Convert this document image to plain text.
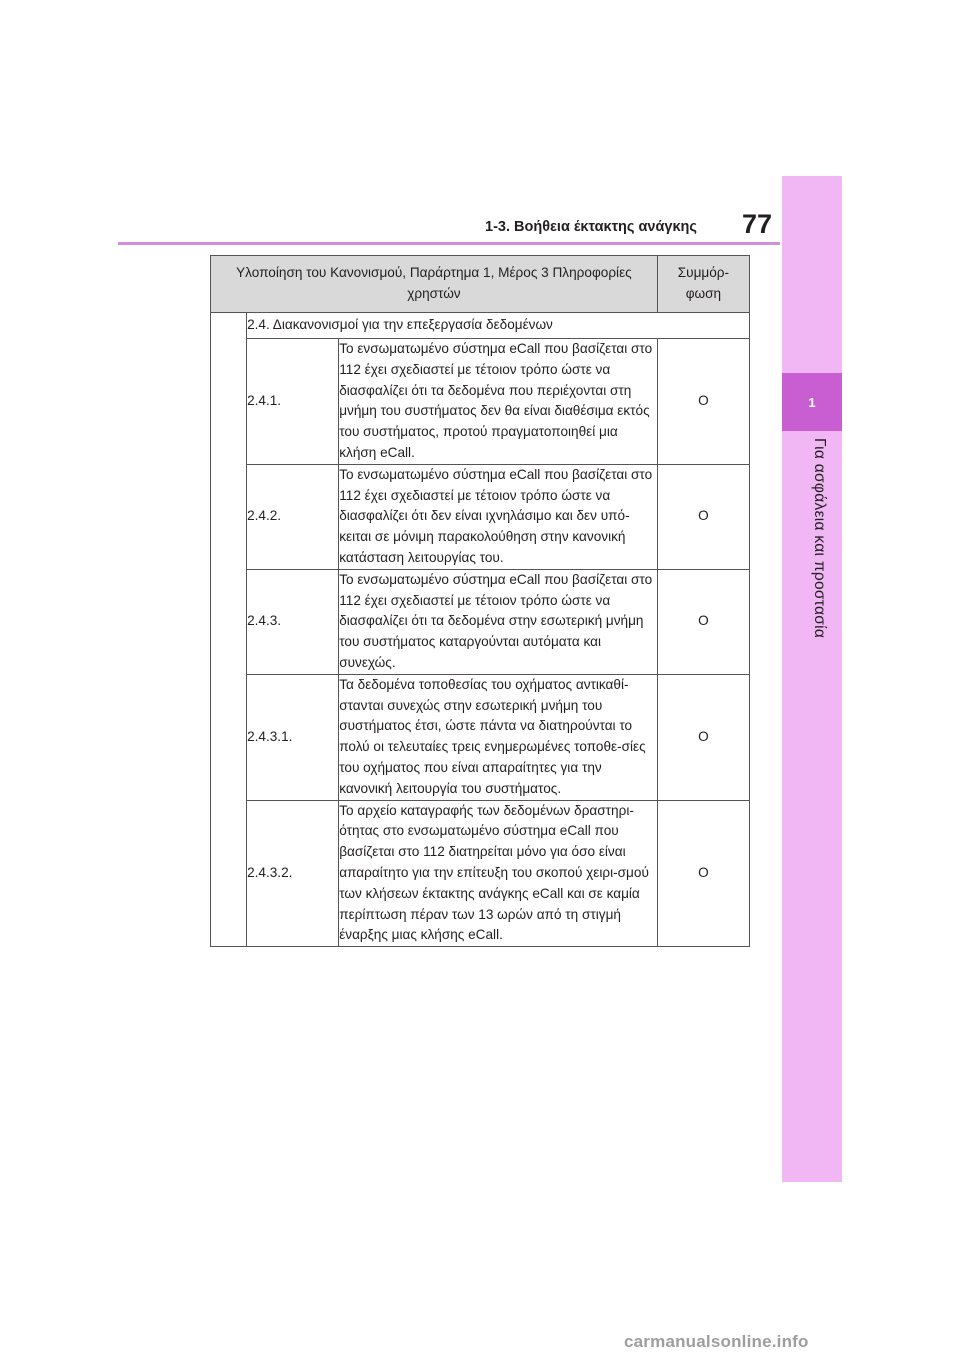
77
1-3. Βοήθεια έκτακτης ανάγκης
1
Για ασφάλεια και προστασία
Υλοποίηση του Κανονισμού, Παράρτημα 1, Μέρος 3 Πληροφορίες χρηστών			Συμμόρ-φωση
	2.4. Διακανονισμοί για την επεξεργασία δεδομένων		
	2.4.1.	Το ενσωματωμένο σύστημα eCall που βασίζεται στο 112 έχει σχεδιαστεί με τέτοιον τρόπο ώστε να διασφαλίζει ότι τα δεδομένα που περιέχονται στη μνήμη του συστήματος δεν θα είναι διαθέσιμα εκτός του συστήματος, προτού πραγματοποιηθεί μια κλήση eCall.	O
	2.4.2.	Το ενσωματωμένο σύστημα eCall που βασίζεται στο 112 έχει σχεδιαστεί με τέτοιον τρόπο ώστε να διασφαλίζει ότι δεν είναι ιχνηλάσιμο και δεν υπό-κειται σε μόνιμη παρακολούθηση στην κανονική κατάσταση λειτουργίας του.	O
	2.4.3.	Το ενσωματωμένο σύστημα eCall που βασίζεται στο 112 έχει σχεδιαστεί με τέτοιον τρόπο ώστε να διασφαλίζει ότι τα δεδομένα στην εσωτερική μνήμη του συστήματος καταργούνται αυτόματα και συνεχώς.	O
	2.4.3.1.	Τα δεδομένα τοποθεσίας του οχήματος αντικαθί-στανται συνεχώς στην εσωτερική μνήμη του συστήματος έτσι, ώστε πάντα να διατηρούνται το πολύ οι τελευταίες τρεις ενημερωμένες τοποθε-σίες του οχήματος που είναι απαραίτητες για την κανονική λειτουργία του συστήματος.	O
	2.4.3.2.	Το αρχείο καταγραφής των δεδομένων δραστηρι-ότητας στο ενσωματωμένο σύστημα eCall που βασίζεται στο 112 διατηρείται μόνο για όσο είναι απαραίτητο για την επίτευξη του σκοπού χειρι-σμού των κλήσεων έκτακτης ανάγκης eCall και σε καμία περίπτωση πέραν των 13 ωρών από τη στιγμή έναρξης μιας κλήσης eCall.	O
carmanualsonline.info
